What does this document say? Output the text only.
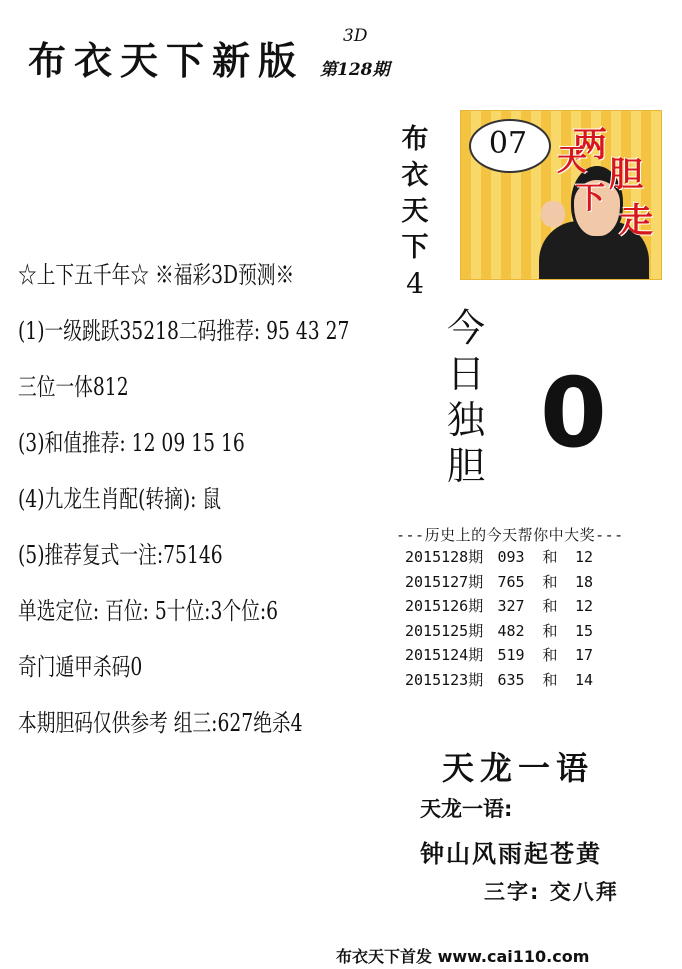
布衣天下新版
3D
第128期
☆上下五千年☆ ※福彩3D预测※
(1)一级跳跃35218二码推荐: 95 43 27
三位一体812
(3)和值推荐: 12 09 15 16
(4)九龙生肖配(转摘): 鼠
(5)推荐复式一注:75146
单选定位: 百位: 5十位:3个位:6
奇门遁甲杀码0
本期胆码仅供参考 组三:627绝杀4
布
衣
天
下
4
07	两
胆
走
天
下
今
日
独
胆 0
---历史上的今天帮你中大奖---
2015128期 093 和 12
2015127期 765 和 18
2015126期 327 和 12
2015125期 482 和 15
2015124期 519 和 17
2015123期 635 和 14
天龙一语
天龙一语:
钟山风雨起苍黄
三字: 交八拜
布衣天下首发 www.cai110.com
